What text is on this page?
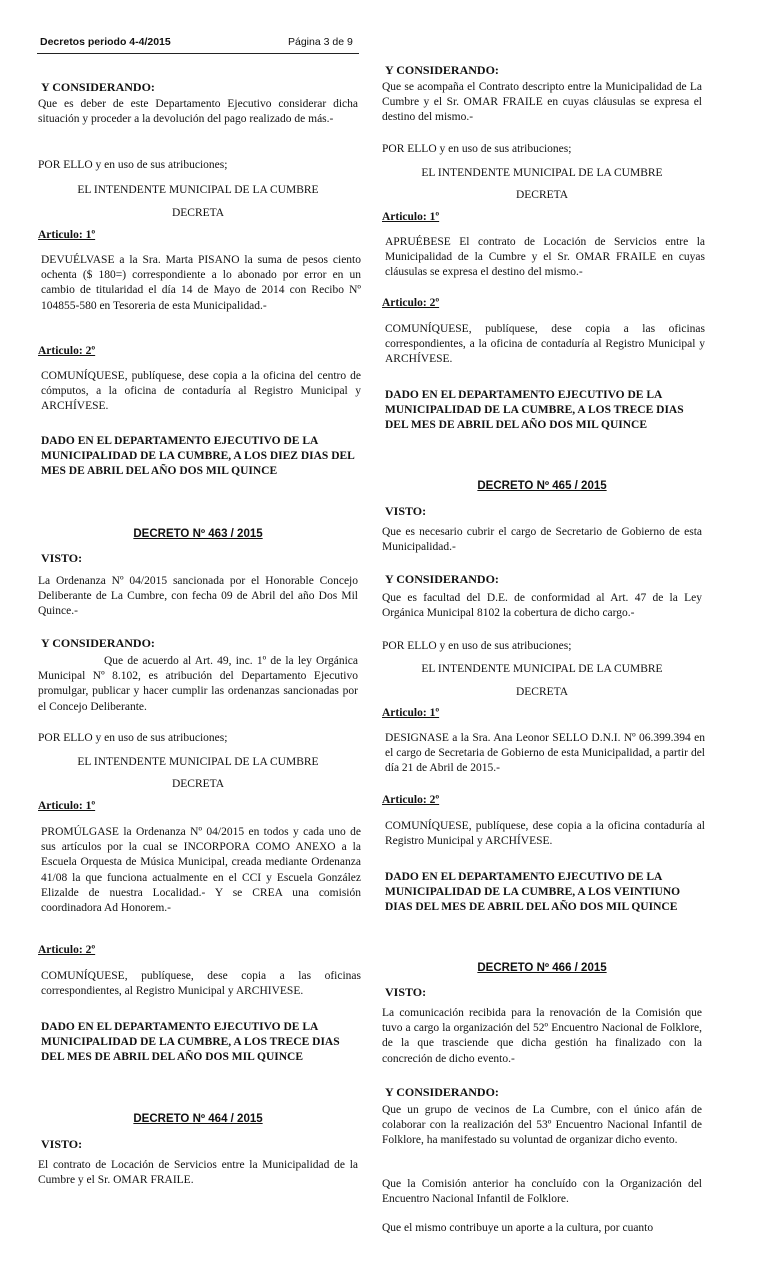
Decretos periodo 4-4/2015	Página 3 de 9
Y CONSIDERANDO:
Que es deber de este Departamento Ejecutivo considerar dicha situación y proceder a la devolución del pago realizado de más.-
POR ELLO y en uso de sus atribuciones;
EL INTENDENTE MUNICIPAL DE LA CUMBRE
DECRETA
Articulo: 1º
DEVUÉLVASE a la Sra. Marta PISANO la suma de pesos ciento ochenta ($ 180=) correspondiente a lo abonado por error en un cambio de titularidad el día 14 de Mayo de 2014 con Recibo Nº 104855-580 en Tesoreria de esta Municipalidad.-
Articulo: 2º
COMUNÍQUESE, publíquese, dese copia a la oficina del centro de cómputos, a la oficina de contaduría al Registro Municipal y ARCHÍVESE.
DADO EN EL DEPARTAMENTO EJECUTIVO DE LA MUNICIPALIDAD DE LA CUMBRE, A LOS DIEZ DIAS DEL MES DE ABRIL DEL AÑO DOS MIL QUINCE
DECRETO Nº 463 / 2015
VISTO:
La Ordenanza Nº 04/2015 sancionada por el Honorable Concejo Deliberante de La Cumbre, con fecha 09 de Abril del año Dos Mil Quince.-
Y CONSIDERANDO:
Que de acuerdo al Art. 49, inc. 1º de la ley Orgánica Municipal Nº 8.102, es atribución del Departamento Ejecutivo promulgar, publicar y hacer cumplir las ordenanzas sancionadas por el Concejo Deliberante.
POR ELLO y en uso de sus atribuciones;
EL INTENDENTE MUNICIPAL DE LA CUMBRE
DECRETA
Articulo: 1º
PROMÚLGASE la Ordenanza Nº 04/2015 en todos y cada uno de sus artículos por la cual se INCORPORA COMO ANEXO a la Escuela Orquesta de Música Municipal, creada mediante Ordenanza 41/08 la que funciona actualmente en el CCI y Escuela González Elizalde de nuestra Localidad.- Y se CREA una comisión coordinadora Ad Honorem.-
Articulo: 2º
COMUNÍQUESE, publíquese, dese copia a las oficinas correspondientes, al Registro Municipal y ARCHIVESE.
DADO EN EL DEPARTAMENTO EJECUTIVO DE LA MUNICIPALIDAD DE LA CUMBRE, A LOS TRECE DIAS DEL MES DE ABRIL DEL AÑO DOS MIL QUINCE
DECRETO Nº 464 / 2015
VISTO:
El contrato de Locación de Servicios entre la Municipalidad de la Cumbre y el Sr. OMAR FRAILE.
Y CONSIDERANDO:
Que se acompaña el Contrato descripto entre la Municipalidad de La Cumbre y el Sr. OMAR FRAILE en cuyas cláusulas se expresa el destino del mismo.-
POR ELLO y en uso de sus atribuciones;
EL INTENDENTE MUNICIPAL DE LA CUMBRE
DECRETA
Articulo: 1º
APRUÉBESE El contrato de Locación de Servicios entre la Municipalidad de la Cumbre y el Sr. OMAR FRAILE en cuyas cláusulas se expresa el destino del mismo.-
Articulo: 2º
COMUNÍQUESE, publíquese, dese copia a las oficinas correspondientes, a la oficina de contaduría al Registro Municipal y ARCHÍVESE.
DADO EN EL DEPARTAMENTO EJECUTIVO DE LA MUNICIPALIDAD DE LA CUMBRE, A LOS TRECE DIAS DEL MES DE ABRIL DEL AÑO DOS MIL QUINCE
DECRETO Nº 465 / 2015
VISTO:
Que es necesario cubrir el cargo de Secretario de Gobierno de esta Municipalidad.-
Y CONSIDERANDO:
Que es facultad del D.E. de conformidad al Art. 47 de la Ley Orgánica Municipal 8102 la cobertura de dicho cargo.-
POR ELLO y en uso de sus atribuciones;
EL INTENDENTE MUNICIPAL DE LA CUMBRE
DECRETA
Articulo: 1º
DESIGNASE a la Sra. Ana Leonor SELLO D.N.I. Nº 06.399.394 en el cargo de Secretaria de Gobierno de esta Municipalidad, a partir del día 21 de Abril de 2015.-
Articulo: 2º
COMUNÍQUESE, publíquese, dese copia a la oficina contaduría al Registro Municipal y ARCHÍVESE.
DADO EN EL DEPARTAMENTO EJECUTIVO DE LA MUNICIPALIDAD DE LA CUMBRE, A LOS VEINTIUNO DIAS DEL MES DE ABRIL DEL AÑO DOS MIL QUINCE
DECRETO Nº 466 / 2015
VISTO:
La comunicación recibida para la renovación de la Comisión que tuvo a cargo la organización del 52º Encuentro Nacional de Folklore, de la que trasciende que dicha gestión ha finalizado con la concreción de dicho evento.-
Y CONSIDERANDO:
Que un grupo de vecinos de La Cumbre, con el único afán de colaborar con la realización del 53º Encuentro Nacional Infantil de Folklore, ha manifestado su voluntad de organizar dicho evento.
Que la Comisión anterior ha concluído con la Organización del Encuentro Nacional Infantil de Folklore.
Que el mismo contribuye un aporte a la cultura, por cuanto
